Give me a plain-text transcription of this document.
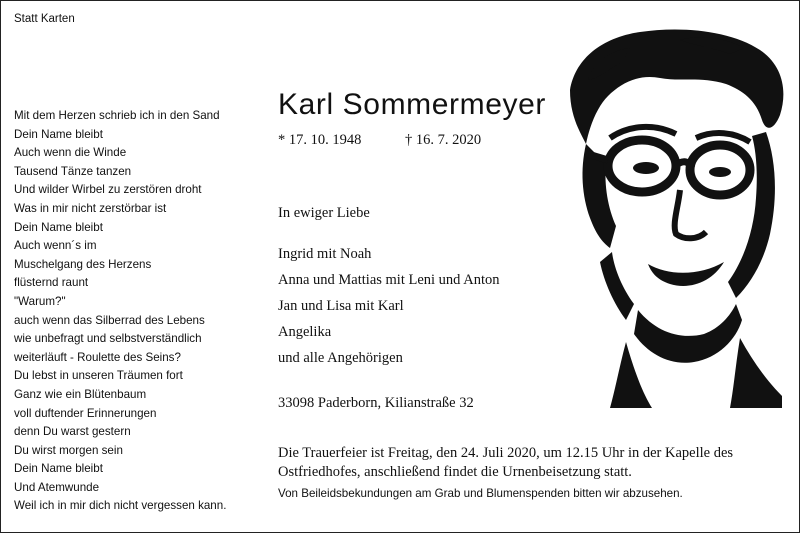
Statt Karten
Mit dem Herzen schrieb ich in den Sand
Dein Name bleibt
Auch wenn die Winde
Tausend Tänze tanzen
Und wilder Wirbel zu zerstören droht
Was in mir nicht zerstörbar ist
Dein Name bleibt
Auch wenn´s im
Muschelgang des Herzens
flüsternd raunt
"Warum?"
auch wenn das Silberrad des Lebens
wie unbefragt und selbstverständlich
weiterläuft - Roulette des Seins?
Du lebst in unseren Träumen fort
Ganz wie ein Blütenbaum
voll duftender Erinnerungen
denn Du warst gestern
Du wirst morgen sein
Dein Name bleibt
Und Atemwunde
Weil ich in mir dich nicht vergessen kann.
Karl Sommermeyer
* 17. 10. 1948	† 16. 7. 2020
In ewiger Liebe
Ingrid mit Noah
Anna und Mattias mit Leni und Anton
Jan und Lisa mit Karl
Angelika
und alle Angehörigen
33098 Paderborn, Kilianstraße 32
Die Trauerfeier ist Freitag, den 24. Juli 2020, um 12.15 Uhr in der Kapelle des Ostfriedhofes, anschließend findet die Urnenbeisetzung statt.
Von Beileidsbekundungen am Grab und Blumenspenden bitten wir abzusehen.
